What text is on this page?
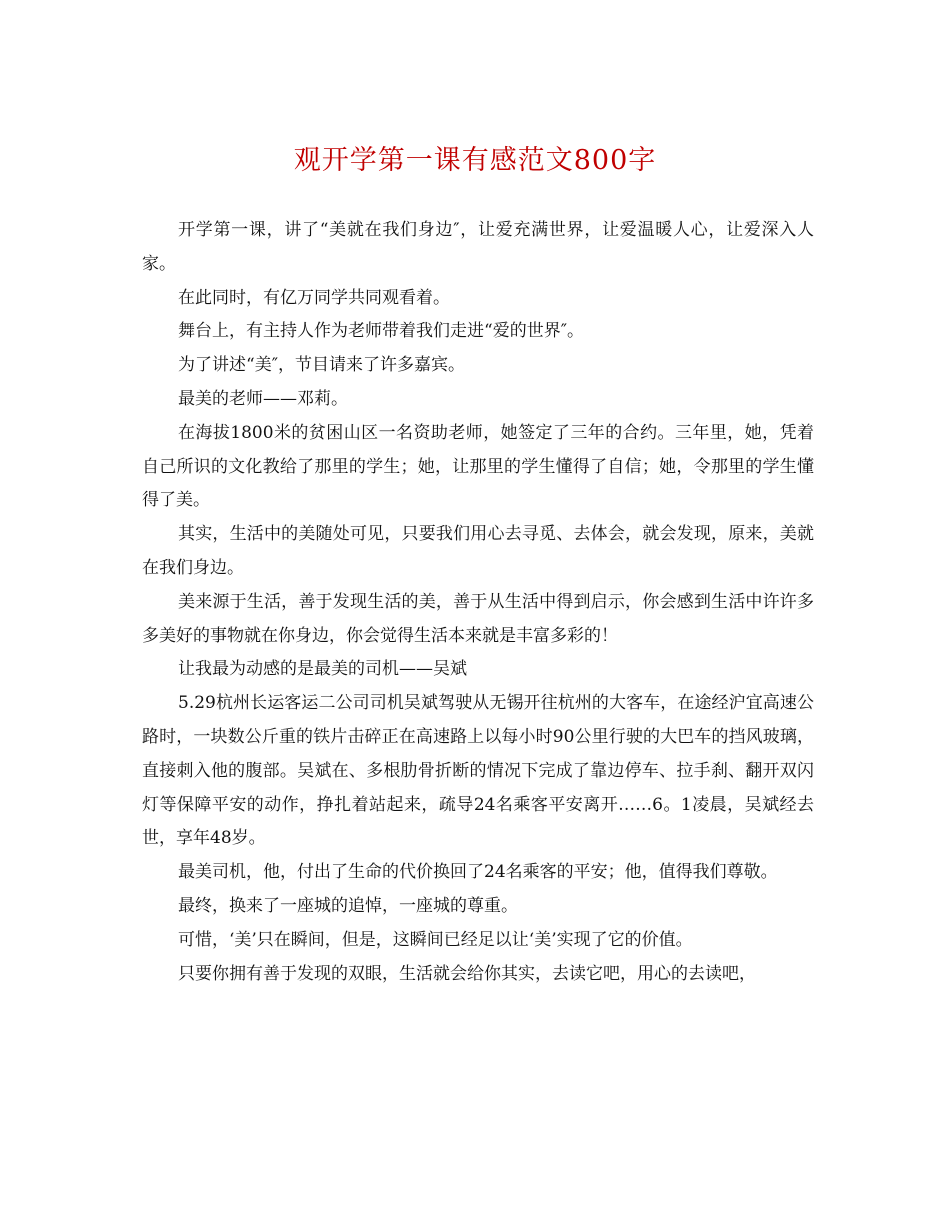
观开学第一课有感范文800字

开学第一课，讲了“美就在我们身边″，让爱充满世界，让爱温暖人心，让爱深入人家。

在此同时，有亿万同学共同观看着。

舞台上，有主持人作为老师带着我们走进“爱的世界″。

为了讲述“美″，节目请来了许多嘉宾。

最美的老师——邓莉。

在海拔1800米的贫困山区一名资助老师，她签定了三年的合约。三年里，她，凭着自己所识的文化教给了那里的学生；她，让那里的学生懂得了自信；她，令那里的学生懂得了美。

其实，生活中的美随处可见，只要我们用心去寻觅、去体会，就会发现，原来，美就在我们身边。

美来源于生活，善于发现生活的美，善于从生活中得到启示，你会感到生活中许许多多美好的事物就在你身边，你会觉得生活本来就是丰富多彩的！

让我最为动感的是最美的司机——吴斌

5.29杭州长运客运二公司司机吴斌驾驶从无锡开往杭州的大客车，在途经沪宜高速公路时，一块数公斤重的铁片击碎正在高速路上以每小时90公里行驶的大巴车的挡风玻璃，直接刺入他的腹部。吴斌在、多根肋骨折断的情况下完成了靠边停车、拉手刹、翻开双闪灯等保障平安的动作，挣扎着站起来，疏导24名乘客平安离开……6。1凌晨，吴斌经去世，享年48岁。

最美司机，他，付出了生命的代价换回了24名乘客的平安；他，值得我们尊敬。

最终，换来了一座城的追悼，一座城的尊重。

可惜，‘美’只在瞬间，但是，这瞬间已经足以让‘美’实现了它的价值。

只要你拥有善于发现的双眼，生活就会给你其实，去读它吧，用心的去读吧，
